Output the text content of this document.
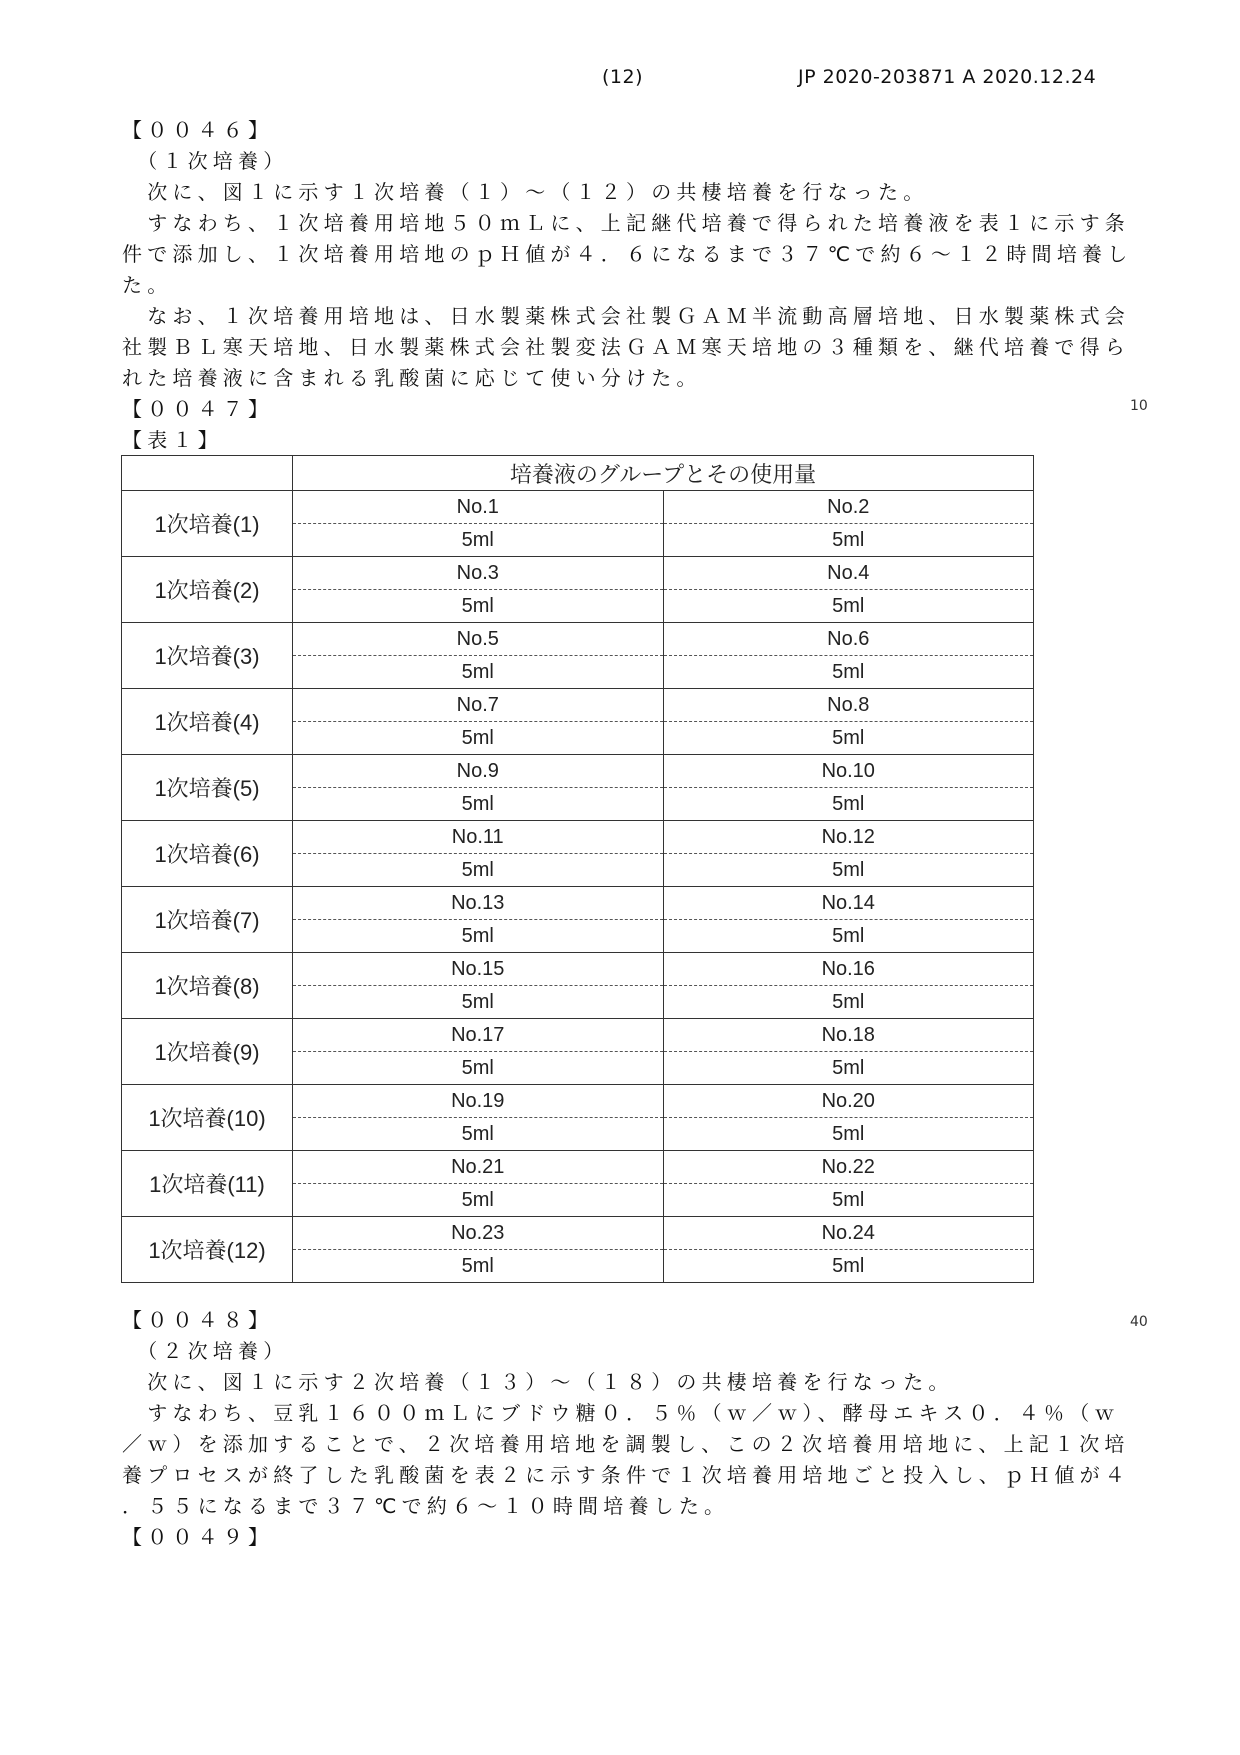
(12)	JP 2020-203871 A 2020.12.24
【００４６】
　（１次培養）
　次に、図１に示す１次培養（１）～（１２）の共棲培養を行なった。
　すなわち、１次培養用培地５０ｍＬに、上記継代培養で得られた培養液を表１に示す条
件で添加し、１次培養用培地のｐＨ値が４．６になるまで３７℃で約６～１２時間培養し
た。
　なお、１次培養用培地は、日水製薬株式会社製ＧＡＭ半流動高層培地、日水製薬株式会
社製ＢＬ寒天培地、日水製薬株式会社製変法ＧＡＭ寒天培地の３種類を、継代培養で得ら
れた培養液に含まれる乳酸菌に応じて使い分けた。
【００４７】
【表１】
10
40
	培養液のグループとその使用量	
1次培養(1)	No.1	No.2
	5ml	5ml
1次培養(2)	No.3	No.4
	5ml	5ml
1次培養(3)	No.5	No.6
	5ml	5ml
1次培養(4)	No.7	No.8
	5ml	5ml
1次培養(5)	No.9	No.10
	5ml	5ml
1次培養(6)	No.11	No.12
	5ml	5ml
1次培養(7)	No.13	No.14
	5ml	5ml
1次培養(8)	No.15	No.16
	5ml	5ml
1次培養(9)	No.17	No.18
	5ml	5ml
1次培養(10)	No.19	No.20
	5ml	5ml
1次培養(11)	No.21	No.22
	5ml	5ml
1次培養(12)	No.23	No.24
	5ml	5ml
【００４８】
　（２次培養）
　次に、図１に示す２次培養（１３）～（１８）の共棲培養を行なった。
　すなわち、豆乳１６００ｍＬにブドウ糖０．５％（ｗ／ｗ）、酵母エキス０．４％（ｗ
／ｗ）を添加することで、２次培養用培地を調製し、この２次培養用培地に、上記１次培
養プロセスが終了した乳酸菌を表２に示す条件で１次培養用培地ごと投入し、ｐＨ値が４
．５５になるまで３７℃で約６～１０時間培養した。
【００４９】
